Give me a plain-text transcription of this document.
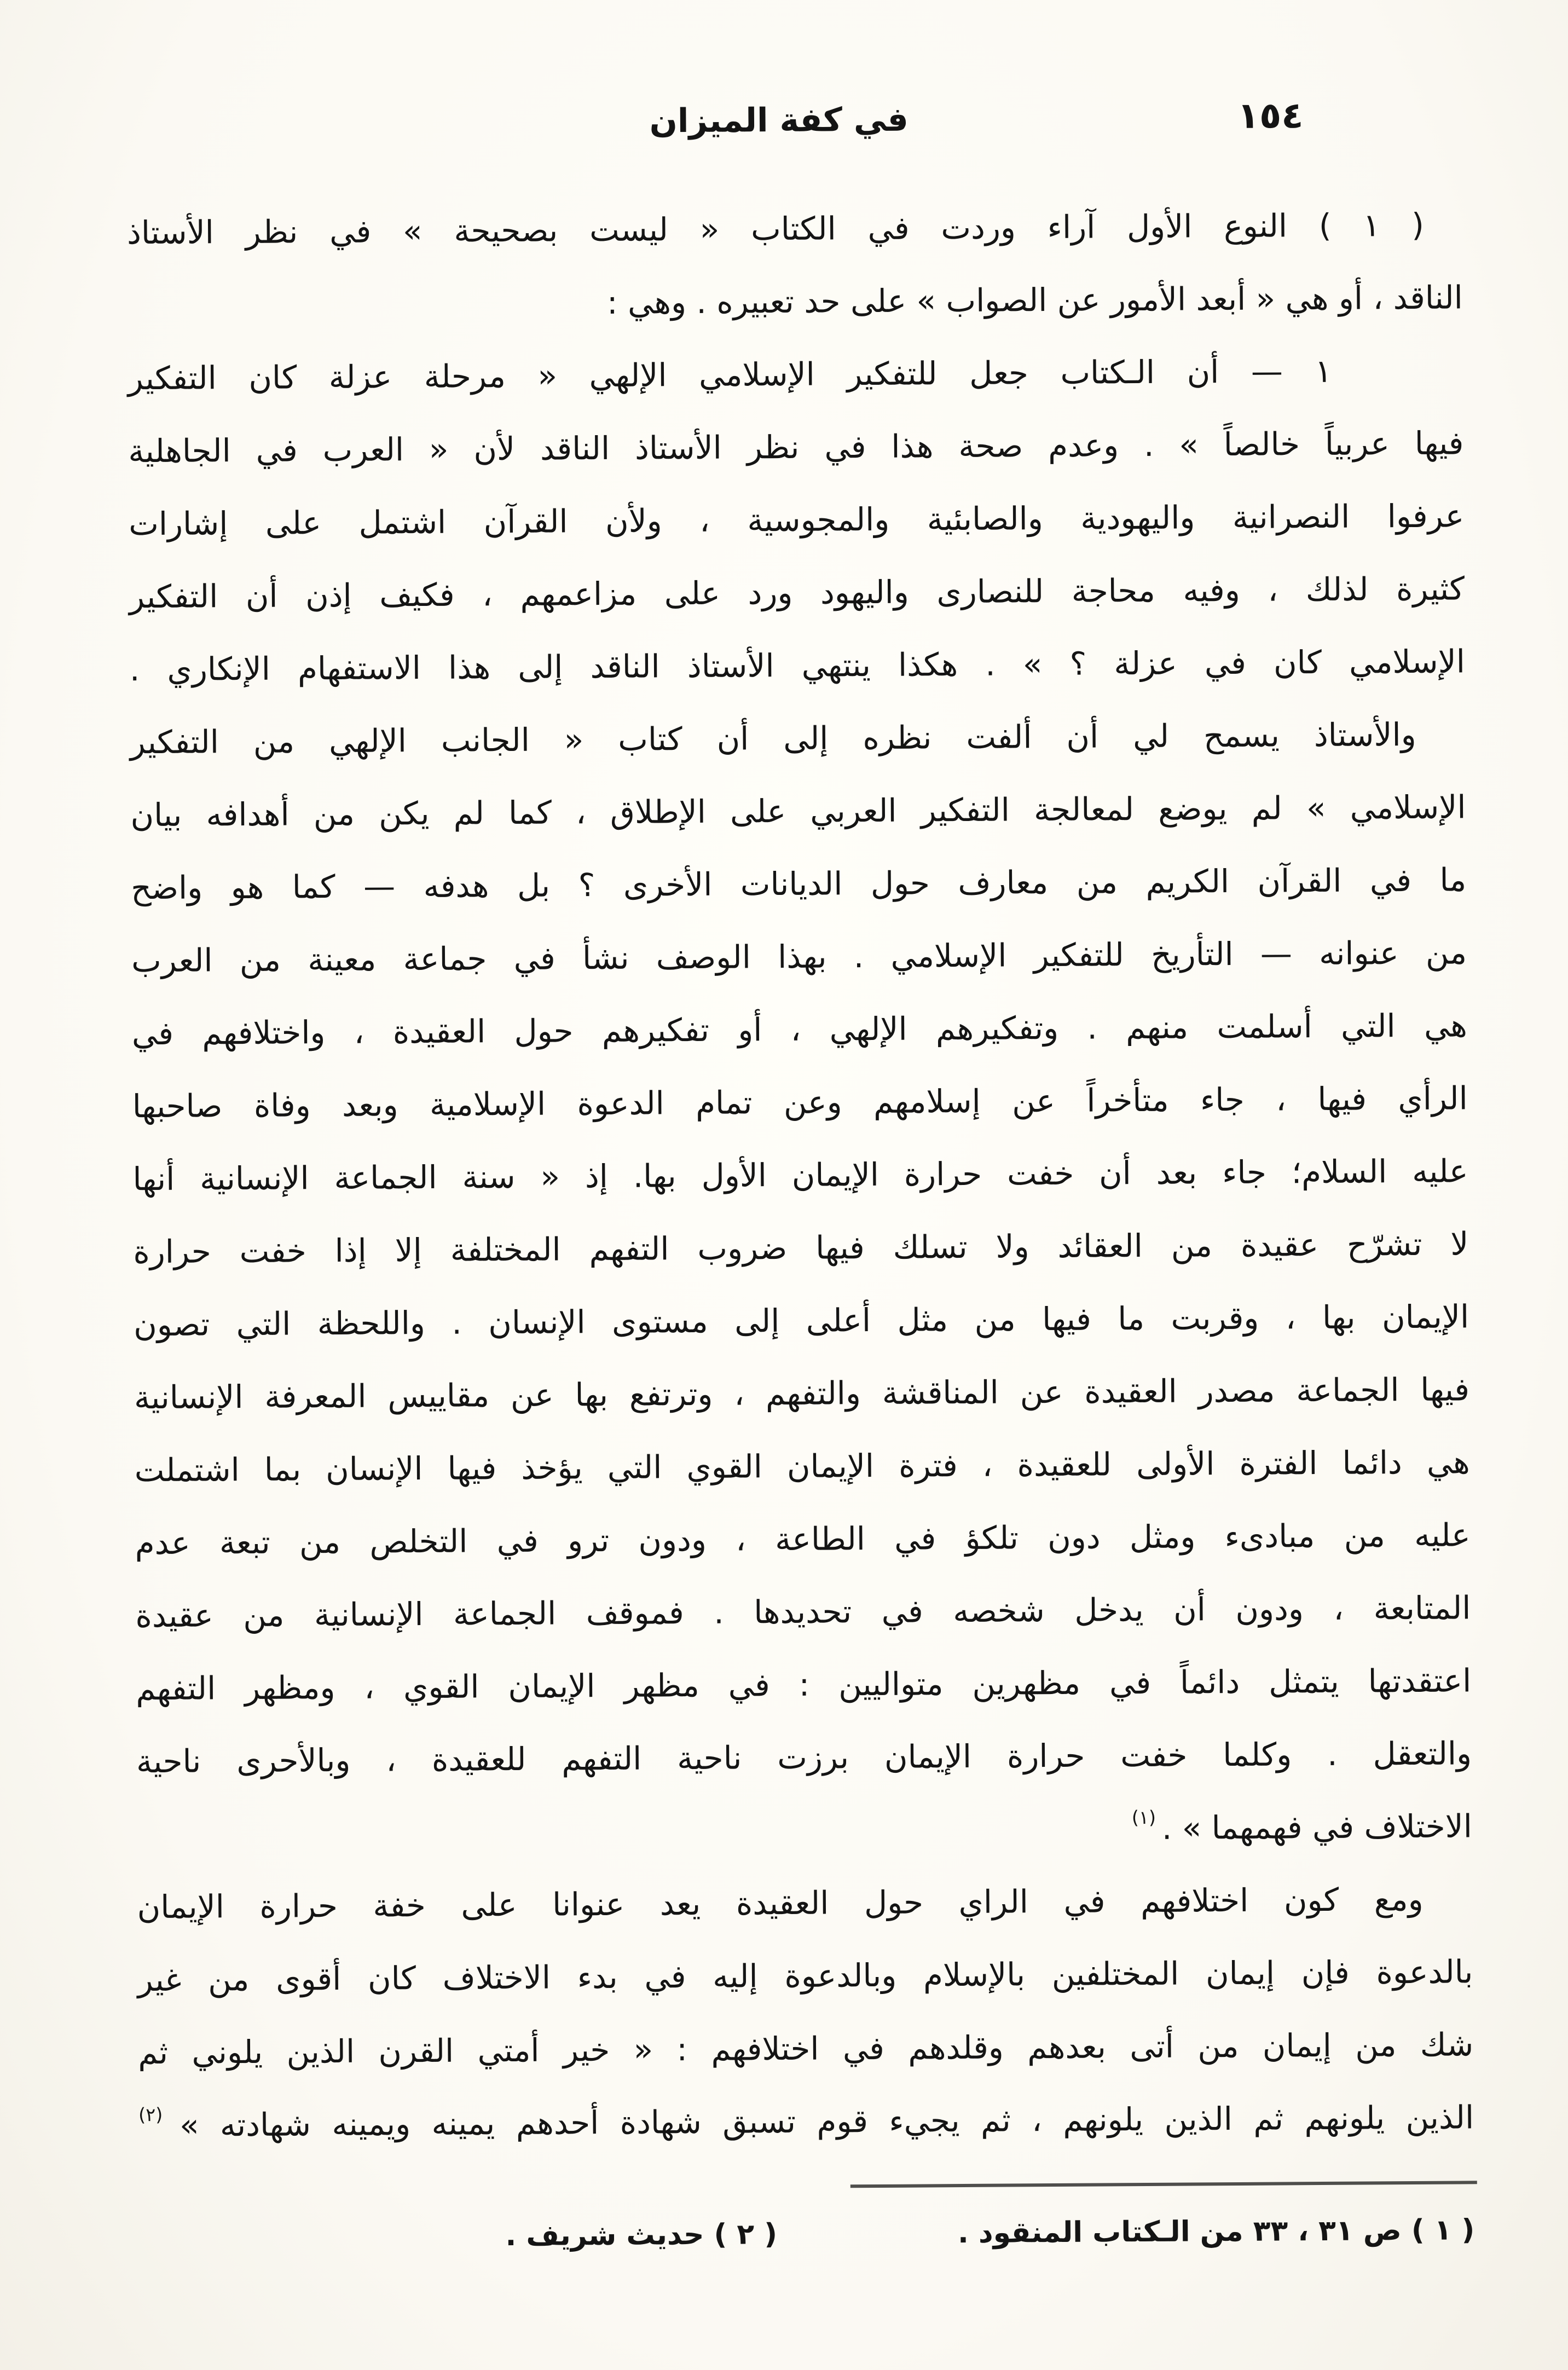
في كفة الميزان	١٥٤
( ١ ) النوع الأول آراء وردت في الكتاب « ليست بصحيحة » في نظر الأستاذ
الناقد ، أو هي « أبعد الأمور عن الصواب » على حد تعبيره . وهي :
١ — أن الـكتاب جعل للتفكير الإسلامي الإلهي « مرحلة عزلة كان التفكير
فيها عربياً خالصاً » . وعدم صحة هذا في نظر الأستاذ الناقد لأن « العرب في الجاهلية
عرفوا النصرانية واليهودية والصابئية والمجوسية ، ولأن القرآن اشتمل على إشارات
كثيرة لذلك ، وفيه محاجة للنصارى واليهود ورد على مزاعمهم ، فكيف إذن أن التفكير
الإسلامي كان في عزلة ؟ » . هكذا ينتهي الأستاذ الناقد إلى هذا الاستفهام الإنكاري .
والأستاذ يسمح لي أن ألفت نظره إلى أن كتاب « الجانب الإلهي من التفكير
الإسلامي » لم يوضع لمعالجة التفكير العربي على الإطلاق ، كما لم يكن من أهدافه بيان
ما في القرآن الكريم من معارف حول الديانات الأخرى ؟ بل هدفه — كما هو واضح
من عنوانه — التأريخ للتفكير الإسلامي . بهذا الوصف نشأ في جماعة معينة من العرب
هي التي أسلمت منهم . وتفكيرهم الإلهي ، أو تفكيرهم حول العقيدة ، واختلافهم في
الرأي فيها ، جاء متأخراً عن إسلامهم وعن تمام الدعوة الإسلامية وبعد وفاة صاحبها
عليه السلام؛ جاء بعد أن خفت حرارة الإيمان الأول بها. إذ « سنة الجماعة الإنسانية أنها
لا تشرّح عقيدة من العقائد ولا تسلك فيها ضروب التفهم المختلفة إلا إذا خفت حرارة
الإيمان بها ، وقربت ما فيها من مثل أعلى إلى مستوى الإنسان . واللحظة التي تصون
فيها الجماعة مصدر العقيدة عن المناقشة والتفهم ، وترتفع بها عن مقاييس المعرفة الإنسانية
هي دائما الفترة الأولى للعقيدة ، فترة الإيمان القوي التي يؤخذ فيها الإنسان بما اشتملت
عليه من مبادىء ومثل دون تلكؤ في الطاعة ، ودون ترو في التخلص من تبعة عدم
المتابعة ، ودون أن يدخل شخصه في تحديدها . فموقف الجماعة الإنسانية من عقيدة
اعتقدتها يتمثل دائماً في مظهرين متواليين : في مظهر الإيمان القوي ، ومظهر التفهم
والتعقل . وكلما خفت حرارة الإيمان برزت ناحية التفهم للعقيدة ، وبالأحرى ناحية
الاختلاف في فهمهما » . $^{(١)}$
ومع كون اختلافهم في الراي حول العقيدة يعد عنوانا على خفة حرارة الإيمان
بالدعوة فإن إيمان المختلفين بالإسلام وبالدعوة إليه في بدء الاختلاف كان أقوى من غير
شك من إيمان من أتى بعدهم وقلدهم في اختلافهم : « خير أمتي القرن الذين يلوني ثم
الذين يلونهم ثم الذين يلونهم ، ثم يجيء قوم تسبق شهادة أحدهم يمينه ويمينه شهادته » $^{(٢)}$
( ١ ) ص ٣١ ، ٣٣ من الـكتاب المنقود .
( ٢ ) حديث شريف .
